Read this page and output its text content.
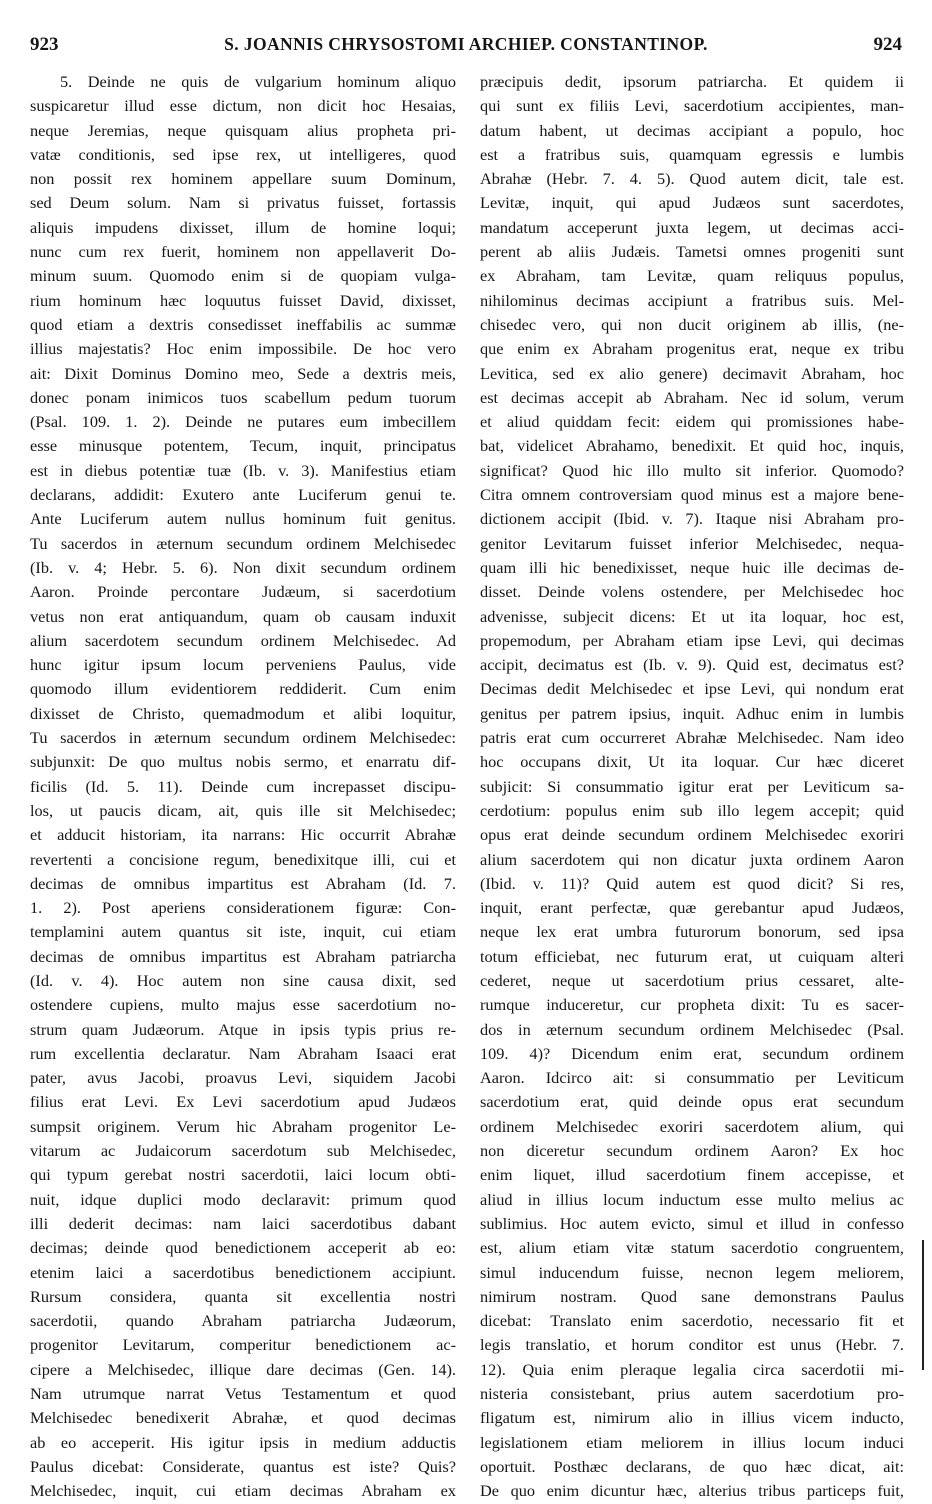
923	S. JOANNIS CHRYSOSTOMI ARCHIEP. CONSTANTINOP.	924
5. Deinde ne quis de vulgarium hominum aliquo
suspicaretur illud esse dictum, non dicit hoc Hesaias,
neque Jeremias, neque quisquam alius propheta pri-
vatæ conditionis, sed ipse rex, ut intelligeres, quod
non possit rex hominem appellare suum Dominum,
sed Deum solum. Nam si privatus fuisset, fortassis
aliquis impudens dixisset, illum de homine loqui;
nunc cum rex fuerit, hominem non appellaverit Do-
minum suum. Quomodo enim si de quopiam vulga-
rium hominum hæc loquutus fuisset David, dixisset,
quod etiam a dextris consedisset ineffabilis ac summæ
illius majestatis? Hoc enim impossibile. De hoc vero
ait: Dixit Dominus Domino meo, Sede a dextris meis,
donec ponam inimicos tuos scabellum pedum tuorum
(Psal. 109. 1. 2). Deinde ne putares eum imbecillem
esse minusque potentem, Tecum, inquit, principatus
est in diebus potentiæ tuæ (Ib. v. 3). Manifestius etiam
declarans, addidit: Exutero ante Luciferum genui te.
Ante Luciferum autem nullus hominum fuit genitus.
Tu sacerdos in æternum secundum ordinem Melchisedec
(Ib. v. 4; Hebr. 5. 6). Non dixit secundum ordinem
Aaron. Proinde percontare Judæum, si sacerdotium
vetus non erat antiquandum, quam ob causam induxit
alium sacerdotem secundum ordinem Melchisedec. Ad
hunc igitur ipsum locum perveniens Paulus, vide
quomodo illum evidentiorem reddiderit. Cum enim
dixisset de Christo, quemadmodum et alibi loquitur,
Tu sacerdos in æternum secundum ordinem Melchisedec:
subjunxit: De quo multus nobis sermo, et enarratu dif-
ficilis (Id. 5. 11). Deinde cum increpasset discipu-
los, ut paucis dicam, ait, quis ille sit Melchisedec;
et adducit historiam, ita narrans: Hic occurrit Abrahæ
revertenti a concisione regum, benedixitque illi, cui et
decimas de omnibus impartitus est Abraham (Id. 7.
1. 2). Post aperiens considerationem figuræ: Con-
templamini autem quantus sit iste, inquit, cui etiam
decimas de omnibus impartitus est Abraham patriarcha
(Id. v. 4). Hoc autem non sine causa dixit, sed
ostendere cupiens, multo majus esse sacerdotium no-
strum quam Judæorum. Atque in ipsis typis prius re-
rum excellentia declaratur. Nam Abraham Isaaci erat
pater, avus Jacobi, proavus Levi, siquidem Jacobi
filius erat Levi. Ex Levi sacerdotium apud Judæos
sumpsit originem. Verum hic Abraham progenitor Le-
vitarum ac Judaicorum sacerdotum sub Melchisedec,
qui typum gerebat nostri sacerdotii, laici locum obti-
nuit, idque duplici modo declaravit: primum quod
illi dederit decimas: nam laici sacerdotibus dabant
decimas; deinde quod benedictionem acceperit ab eo:
etenim laici a sacerdotibus benedictionem accipiunt.
Rursum considera, quanta sit excellentia nostri
sacerdotii, quando Abraham patriarcha Judæorum,
progenitor Levitarum, comperitur benedictionem ac-
cipere a Melchisedec, illique dare decimas (Gen. 14).
Nam utrumque narrat Vetus Testamentum et quod
Melchisedec benedixerit Abrahæ, et quod decimas
ab eo acceperit. His igitur ipsis in medium adductis
Paulus dicebat: Considerate, quantus est iste? Quis?
Melchisedec, inquit, cui etiam decimas Abraham ex
præcipuis dedit, ipsorum patriarcha. Et quidem ii
qui sunt ex filiis Levi, sacerdotium accipientes, man-
datum habent, ut decimas accipiant a populo, hoc
est a fratribus suis, quamquam egressis e lumbis
Abrahæ (Hebr. 7. 4. 5). Quod autem dicit, tale est.
Levitæ, inquit, qui apud Judæos sunt sacerdotes,
mandatum acceperunt juxta legem, ut decimas acci-
perent ab aliis Judæis. Tametsi omnes progeniti sunt
ex Abraham, tam Levitæ, quam reliquus populus,
nihilominus decimas accipiunt a fratribus suis. Mel-
chisedec vero, qui non ducit originem ab illis, (ne-
que enim ex Abraham progenitus erat, neque ex tribu
Levitica, sed ex alio genere) decimavit Abraham, hoc
est decimas accepit ab Abraham. Nec id solum, verum
et aliud quiddam fecit: eidem qui promissiones habe-
bat, videlicet Abrahamo, benedixit. Et quid hoc, inquis,
significat? Quod hic illo multo sit inferior. Quomodo?
Citra omnem controversiam quod minus est a majore bene-
dictionem accipit (Ibid. v. 7). Itaque nisi Abraham pro-
genitor Levitarum fuisset inferior Melchisedec, nequa-
quam illi hic benedixisset, neque huic ille decimas de-
disset. Deinde volens ostendere, per Melchisedec hoc
advenisse, subjecit dicens: Et ut ita loquar, hoc est,
propemodum, per Abraham etiam ipse Levi, qui decimas
accipit, decimatus est (Ib. v. 9). Quid est, decimatus est?
Decimas dedit Melchisedec et ipse Levi, qui nondum erat
genitus per patrem ipsius, inquit. Adhuc enim in lumbis
patris erat cum occurreret Abrahæ Melchisedec. Nam ideo
hoc occupans dixit, Ut ita loquar. Cur hæc diceret
subjicit: Si consummatio igitur erat per Leviticum sa-
cerdotium: populus enim sub illo legem accepit; quid
opus erat deinde secundum ordinem Melchisedec exoriri
alium sacerdotem qui non dicatur juxta ordinem Aaron
(Ibid. v. 11)? Quid autem est quod dicit? Si res,
inquit, erant perfectæ, quæ gerebantur apud Judæos,
neque lex erat umbra futurorum bonorum, sed ipsa
totum efficiebat, nec futurum erat, ut cuiquam alteri
cederet, neque ut sacerdotium prius cessaret, alte-
rumque induceretur, cur propheta dixit: Tu es sacer-
dos in æternum secundum ordinem Melchisedec (Psal.
109. 4)? Dicendum enim erat, secundum ordinem
Aaron. Idcirco ait: si consummatio per Leviticum
sacerdotium erat, quid deinde opus erat secundum
ordinem Melchisedec exoriri sacerdotem alium, qui
non diceretur secundum ordinem Aaron? Ex hoc
enim liquet, illud sacerdotium finem accepisse, et
aliud in illius locum inductum esse multo melius ac
sublimius. Hoc autem evicto, simul et illud in confesso
est, alium etiam vitæ statum sacerdotio congruentem,
simul inducendum fuisse, necnon legem meliorem,
nimirum nostram. Quod sane demonstrans Paulus
dicebat: Translato enim sacerdotio, necessario fit et
legis translatio, et horum conditor est unus (Hebr. 7.
12). Quia enim pleraque legalia circa sacerdotii mi-
nisteria consistebant, prius autem sacerdotium pro-
fligatum est, nimirum alio in illius vicem inducto,
legislationem etiam meliorem in illius locum induci
oportuit. Posthæc declarans, de quo hæc dicat, ait:
De quo enim dicuntur hæc, alterius tribus particeps fuit,
